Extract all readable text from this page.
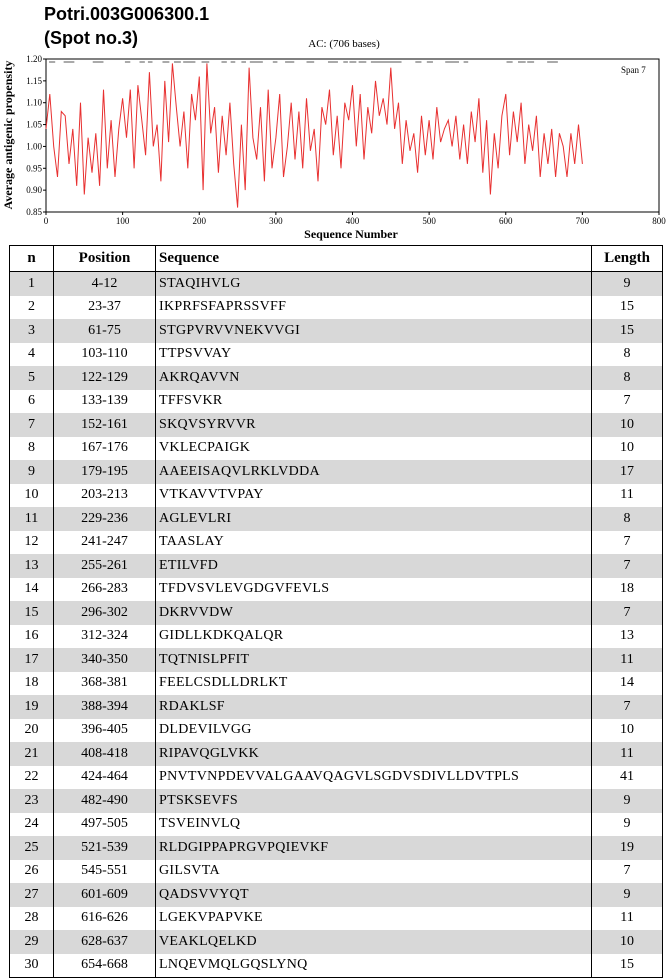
Potri.003G006300.1
(Spot no.3)	AC: (706 bases)
Span 7
0.85
0.90
0.95
1.00
1.05
1.10
1.15
1.20
0	100	200	300	400	500	600	700	800
Sequence Number
Average antigenic propensity
n	Position	Sequence	Length
1	4-12	STAQIHVLG	9
2	23-37	IKPRFSFAPRSSVFF	15
3	61-75	STGPVRVVNEKVVGI	15
4	103-110	TTPSVVAY	8
5	122-129	AKRQAVVN	8
6	133-139	TFFSVKR	7
7	152-161	SKQVSYRVVR	10
8	167-176	VKLECPAIGK	10
9	179-195	AAEEISAQVLRKLVDDA	17
10	203-213	VTKAVVTVPAY	11
11	229-236	AGLEVLRI	8
12	241-247	TAASLAY	7
13	255-261	ETILVFD	7
14	266-283	TFDVSVLEVGDGVFEVLS	18
15	296-302	DKRVVDW	7
16	312-324	GIDLLKDKQALQR	13
17	340-350	TQTNISLPFIT	11
18	368-381	FEELCSDLLDRLKT	14
19	388-394	RDAKLSF	7
20	396-405	DLDEVILVGG	10
21	408-418	RIPAVQGLVKK	11
22	424-464	PNVTVNPDEVVALGAAVQAGVLSGDVSDIVLLDVTPLS	41
23	482-490	PTSKSEVFS	9
24	497-505	TSVEINVLQ	9
25	521-539	RLDGIPPAPRGVPQIEVKF	19
26	545-551	GILSVTA	7
27	601-609	QADSVVYQT	9
28	616-626	LGEKVPAPVKE	11
29	628-637	VEAKLQELKD	10
30	654-668	LNQEVMQLGQSLYNQ	15
